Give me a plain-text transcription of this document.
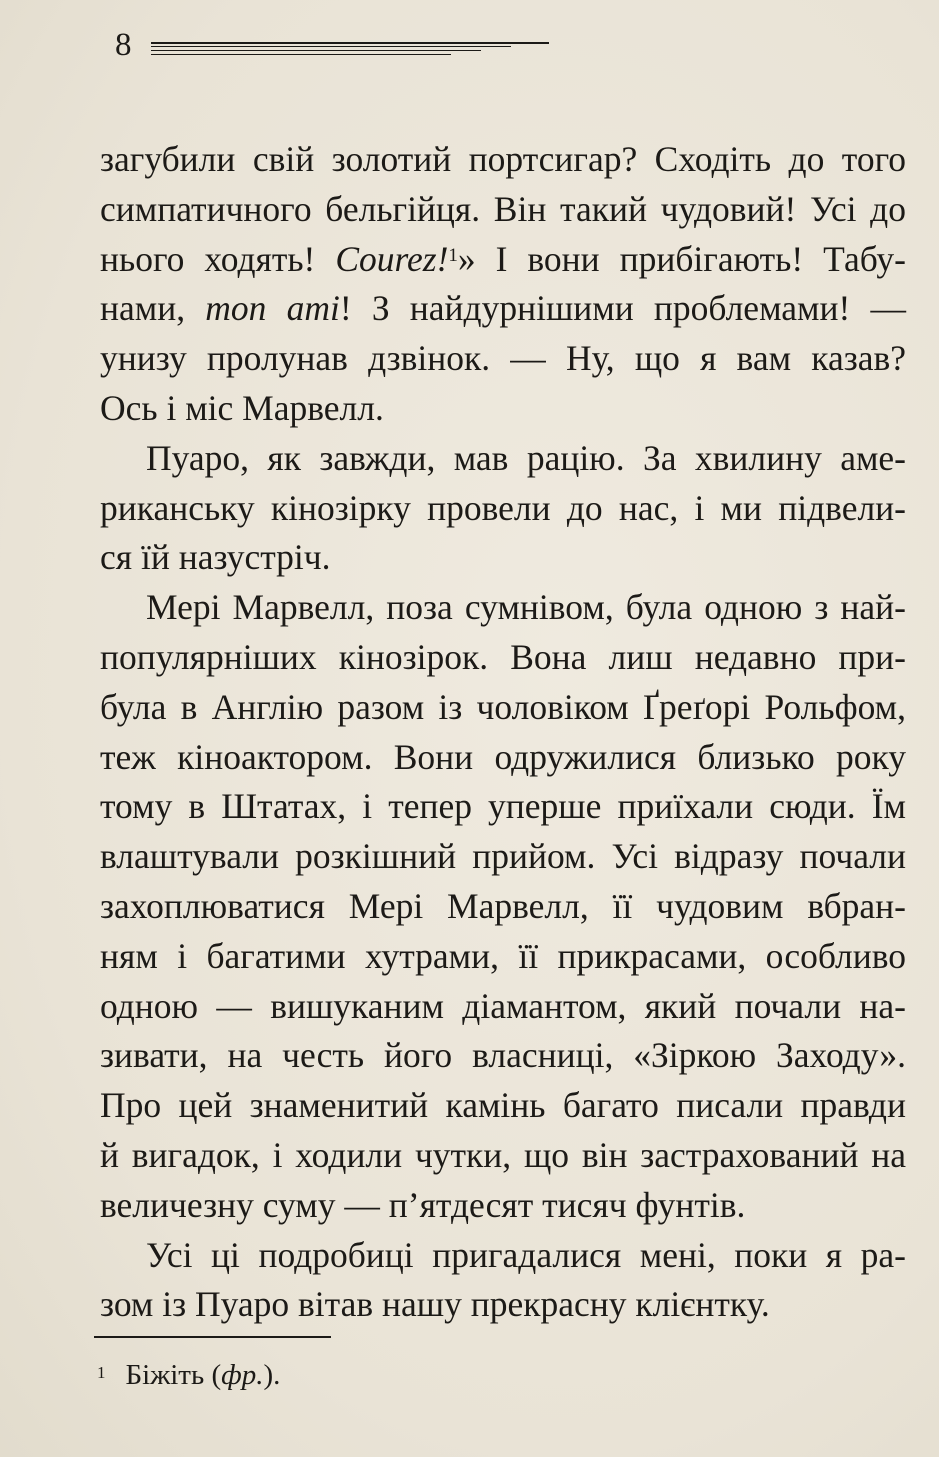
8
загубили свій золотий портсигар? Сходіть до того
симпатичного бельгійця. Він такий чудовий! Усі до
нього ходять! Courez!$^1$» І вони прибігають! Табу-
нами, mon ami! З найдурнішими проблемами! —
унизу пролунав дзвінок. — Ну, що я вам казав?
Ось і міс Марвелл.
Пуаро, як завжди, мав рацію. За хвилину аме-
риканську кінозірку провели до нас, і ми підвели-
ся їй назустріч.
Мері Марвелл, поза сумнівом, була одною з най-
популярніших кінозірок. Вона лиш недавно при-
була в Англію разом із чоловіком Ґреґорі Рольфом,
теж кіноактором. Вони одружилися близько року
тому в Штатах, і тепер уперше приїхали сюди. Їм
влаштували розкішний прийом. Усі відразу почали
захоплюватися Мері Марвелл, її чудовим вбран-
ням і багатими хутрами, її прикрасами, особливо
одною — вишуканим діамантом, який почали на-
зивати, на честь його власниці, «Зіркою Заходу».
Про цей знаменитий камінь багато писали правди
й вигадок, і ходили чутки, що він застрахований на
величезну суму — п’ятдесят тисяч фунтів.
Усі ці подробиці пригадалися мені, поки я ра-
зом із Пуаро вітав нашу прекрасну клієнтку.
$^1$ Біжіть (фр.).
